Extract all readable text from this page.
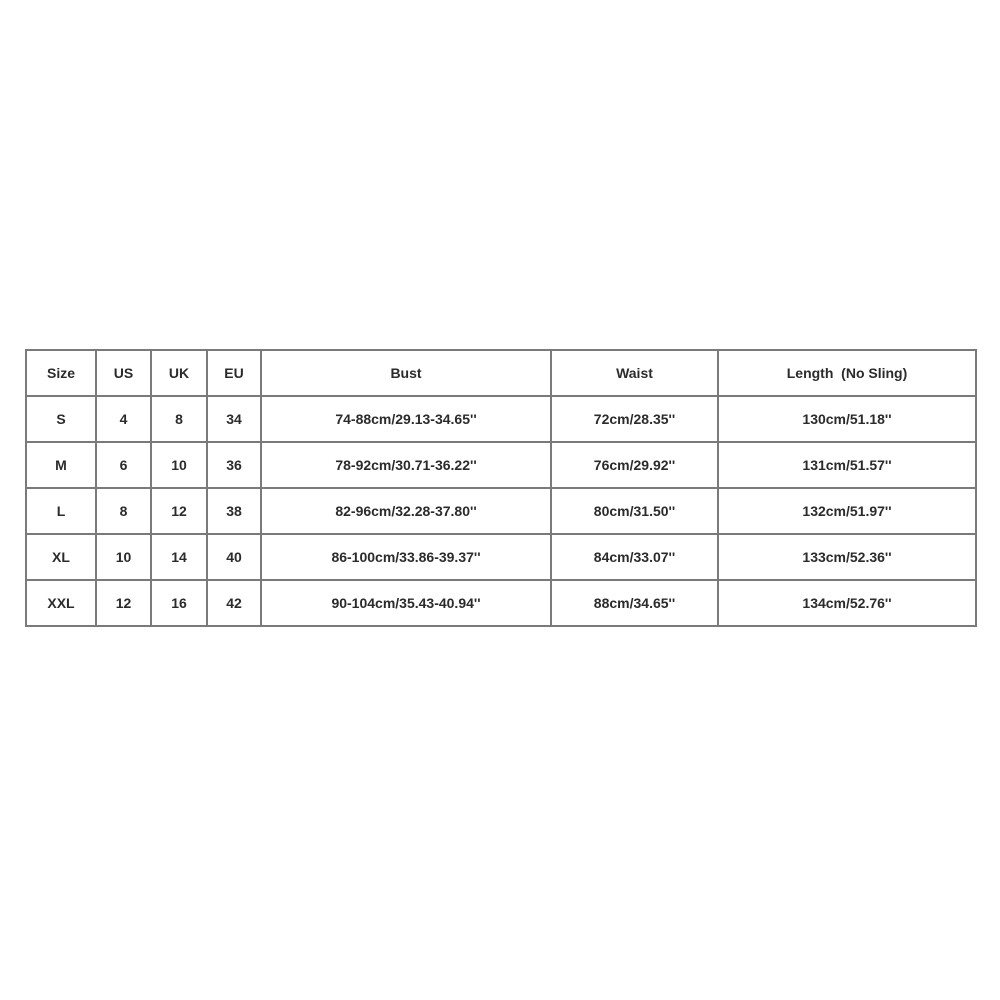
Size	US	UK	EU	Bust	Waist	Length  (No Sling)
S	4	8	34	74-88cm/29.13-34.65''	72cm/28.35''	130cm/51.18''
M	6	10	36	78-92cm/30.71-36.22''	76cm/29.92''	131cm/51.57''
L	8	12	38	82-96cm/32.28-37.80''	80cm/31.50''	132cm/51.97''
XL	10	14	40	86-100cm/33.86-39.37''	84cm/33.07''	133cm/52.36''
XXL	12	16	42	90-104cm/35.43-40.94''	88cm/34.65''	134cm/52.76''
